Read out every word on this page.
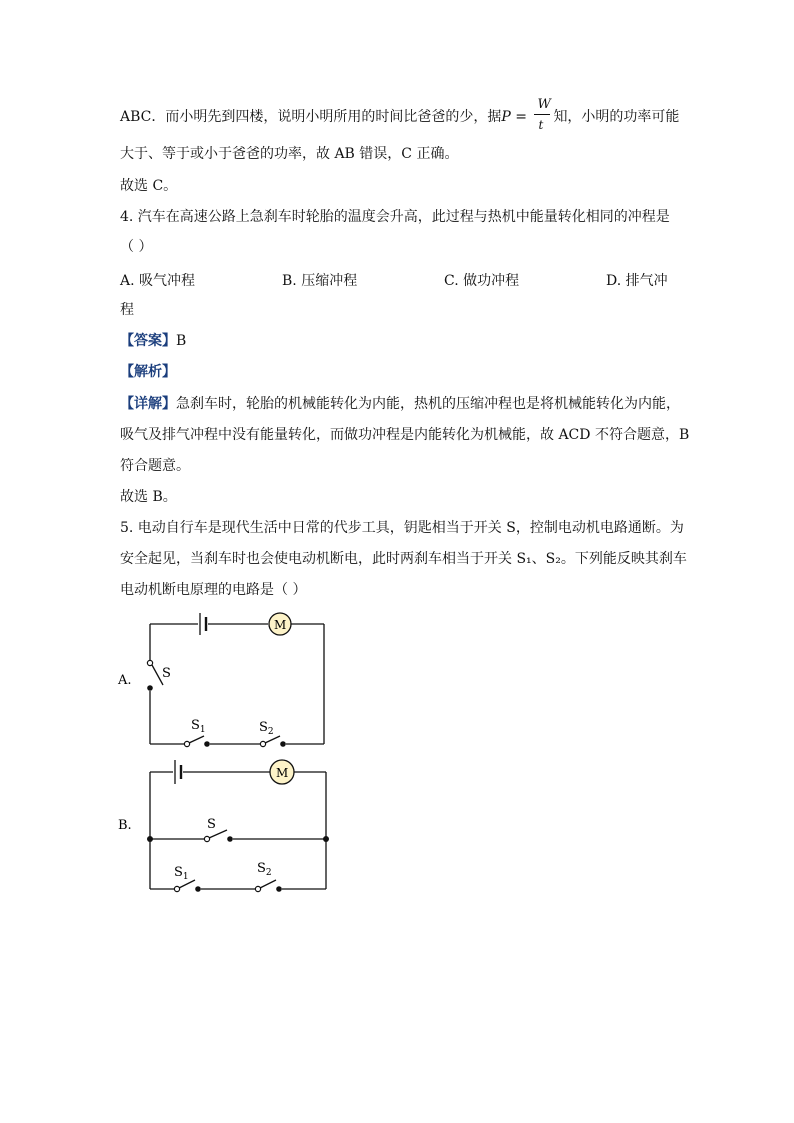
ABC．而小明先到四楼，说明小明所用的时间比爸爸的少，据$P = \frac{W}{t}$ 知，小明的功率可能
大于、等于或小于爸爸的功率，故 AB 错误，C 正确。
故选 C。
4. 汽车在高速公路上急刹车时轮胎的温度会升高，此过程与热机中能量转化相同的冲程是
（ ）
A. 吸气冲程	B. 压缩冲程	C. 做功冲程	D. 排气冲
程
【答案】B
【解析】
【详解】急刹车时，轮胎的机械能转化为内能，热机的压缩冲程也是将机械能转化为内能，
吸气及排气冲程中没有能量转化，而做功冲程是内能转化为机械能，故 ACD 不符合题意，B
符合题意。
故选 B。
5. 电动自行车是现代生活中日常的代步工具，钥匙相当于开关 S，控制电动机电路通断。为
安全起见，当刹车时也会使电动机断电，此时两刹车相当于开关 S₁、S₂。下列能反映其刹车
电动机断电原理的电路是（ ）
A.
M
S
$S_1$	$S_2$
B.
M
S
$S_1$
$S_2$
